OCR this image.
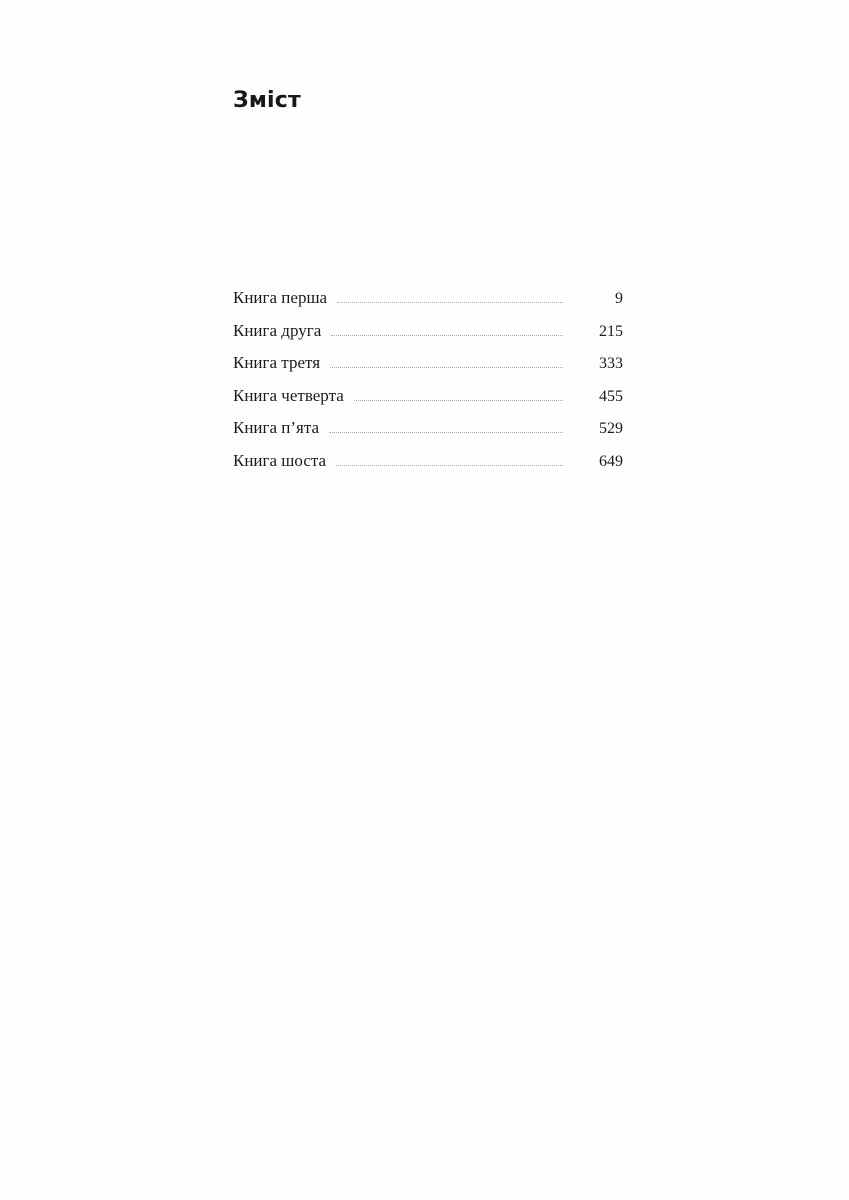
Зміст
Книга перша	9
Книга друга	215
Книга третя	333
Книга четверта	455
Книга п’ята	529
Книга шоста	649
